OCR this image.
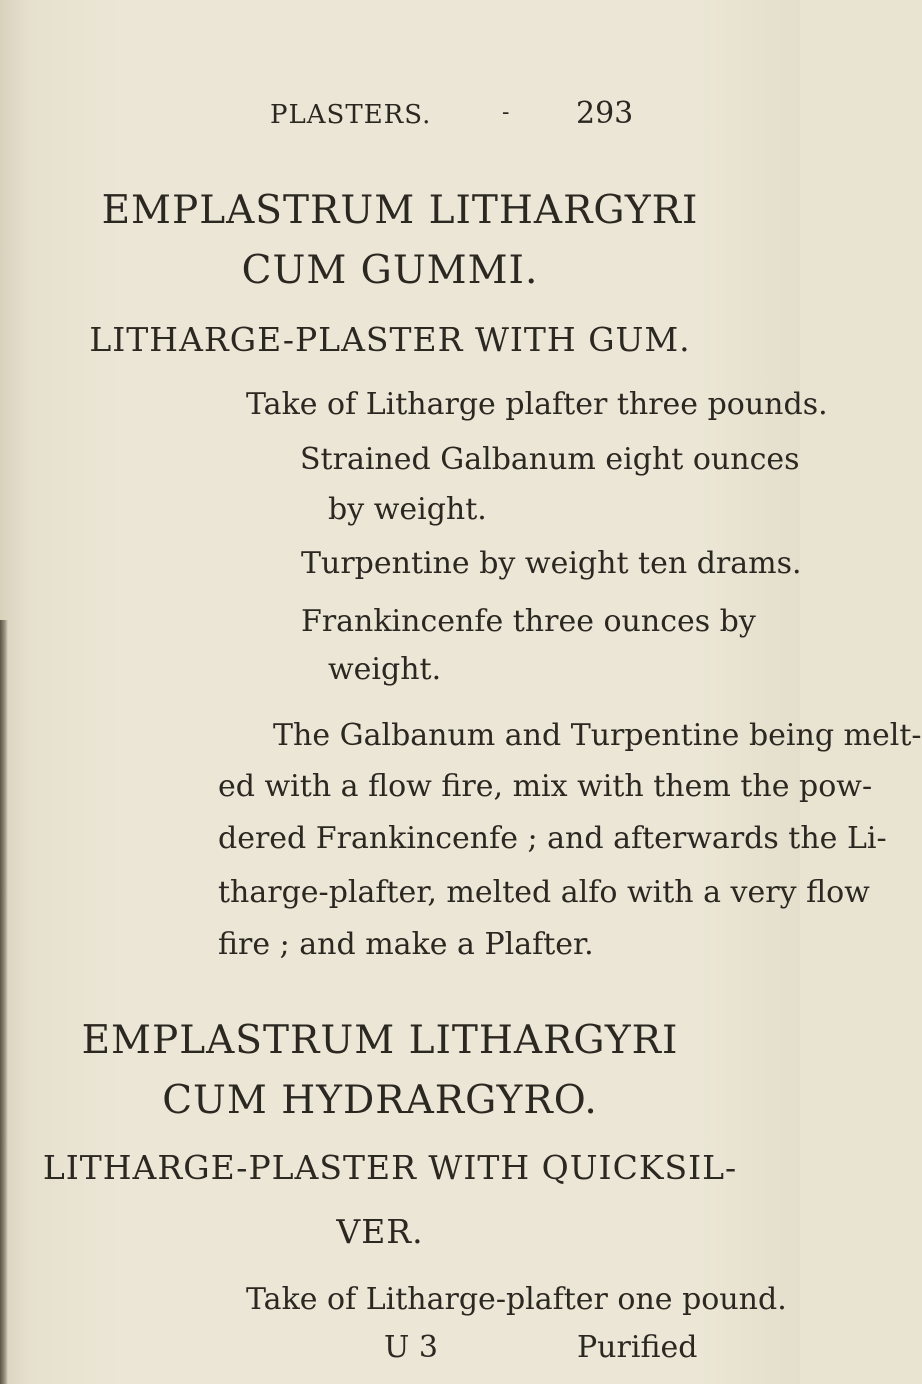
PLASTERS.	- 293
EMPLASTRUM LITHARGYRI
CUM GUMMI.
LITHARGE-PLASTER WITH GUM.
Take of Litharge plafter three pounds.
Strained Galbanum eight ounces
by weight.
Turpentine by weight ten drams.
Frankincenfe three ounces by
weight.
The Galbanum and Turpentine being melt-
ed with a flow fire, mix with them the pow-
dered Frankincenfe ; and afterwards the Li-
tharge-plafter, melted alfo with a very flow
fire ; and make a Plafter.
EMPLASTRUM LITHARGYRI
CUM HYDRARGYRO.
LITHARGE-PLASTER WITH QUICKSIL-
VER.
Take of Litharge-plafter one pound.
U 3	Purified
